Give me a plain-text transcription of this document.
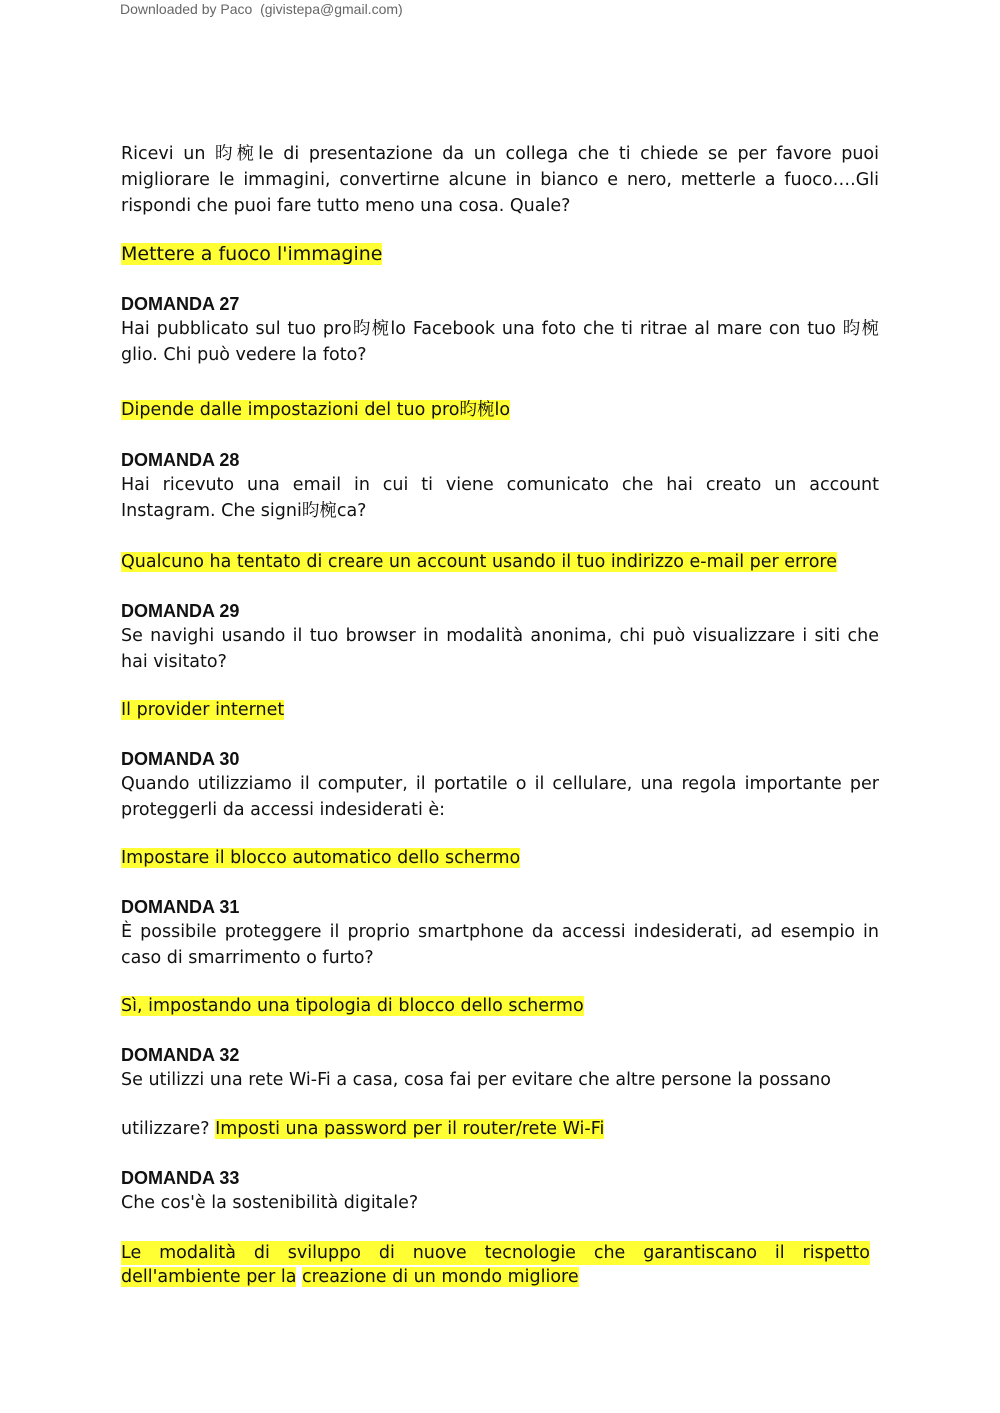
Downloaded by Paco  (givistepa@gmail.com)

Ricevi un 昀椀le di presentazione da un collega che ti chiede se per favore puoi migliorare le immagini, convertirne alcune in bianco e nero, metterle a fuoco….Gli rispondi che puoi fare tutto meno una cosa. Quale?

Mettere a fuoco l'immagine

DOMANDA 27

Hai pubblicato sul tuo pro昀椀lo Facebook una foto che ti ritrae al mare con tuo 昀椀glio. Chi può vedere la foto?

Dipende dalle impostazioni del tuo pro昀椀lo

DOMANDA 28

Hai ricevuto una email in cui ti viene comunicato che hai creato un account Instagram. Che signi昀椀ca?

Qualcuno ha tentato di creare un account usando il tuo indirizzo e-mail per errore

DOMANDA 29

Se navighi usando il tuo browser in modalità anonima, chi può visualizzare i siti che hai visitato?

Il provider internet

DOMANDA 30

Quando utilizziamo il computer, il portatile o il cellulare, una regola importante per proteggerli da accessi indesiderati è:

Impostare il blocco automatico dello schermo

DOMANDA 31

È possibile proteggere il proprio smartphone da accessi indesiderati, ad esempio in caso di smarrimento o furto?

Sì, impostando una tipologia di blocco dello schermo

DOMANDA 32

Se utilizzi una rete Wi-Fi a casa, cosa fai per evitare che altre persone la possano

utilizzare? Imposti una password per il router/rete Wi-Fi

DOMANDA 33

Che cos'è la sostenibilità digitale?

Le modalità di sviluppo di nuove tecnologie che garantiscano il rispetto
dell'ambiente per la creazione di un mondo migliore
